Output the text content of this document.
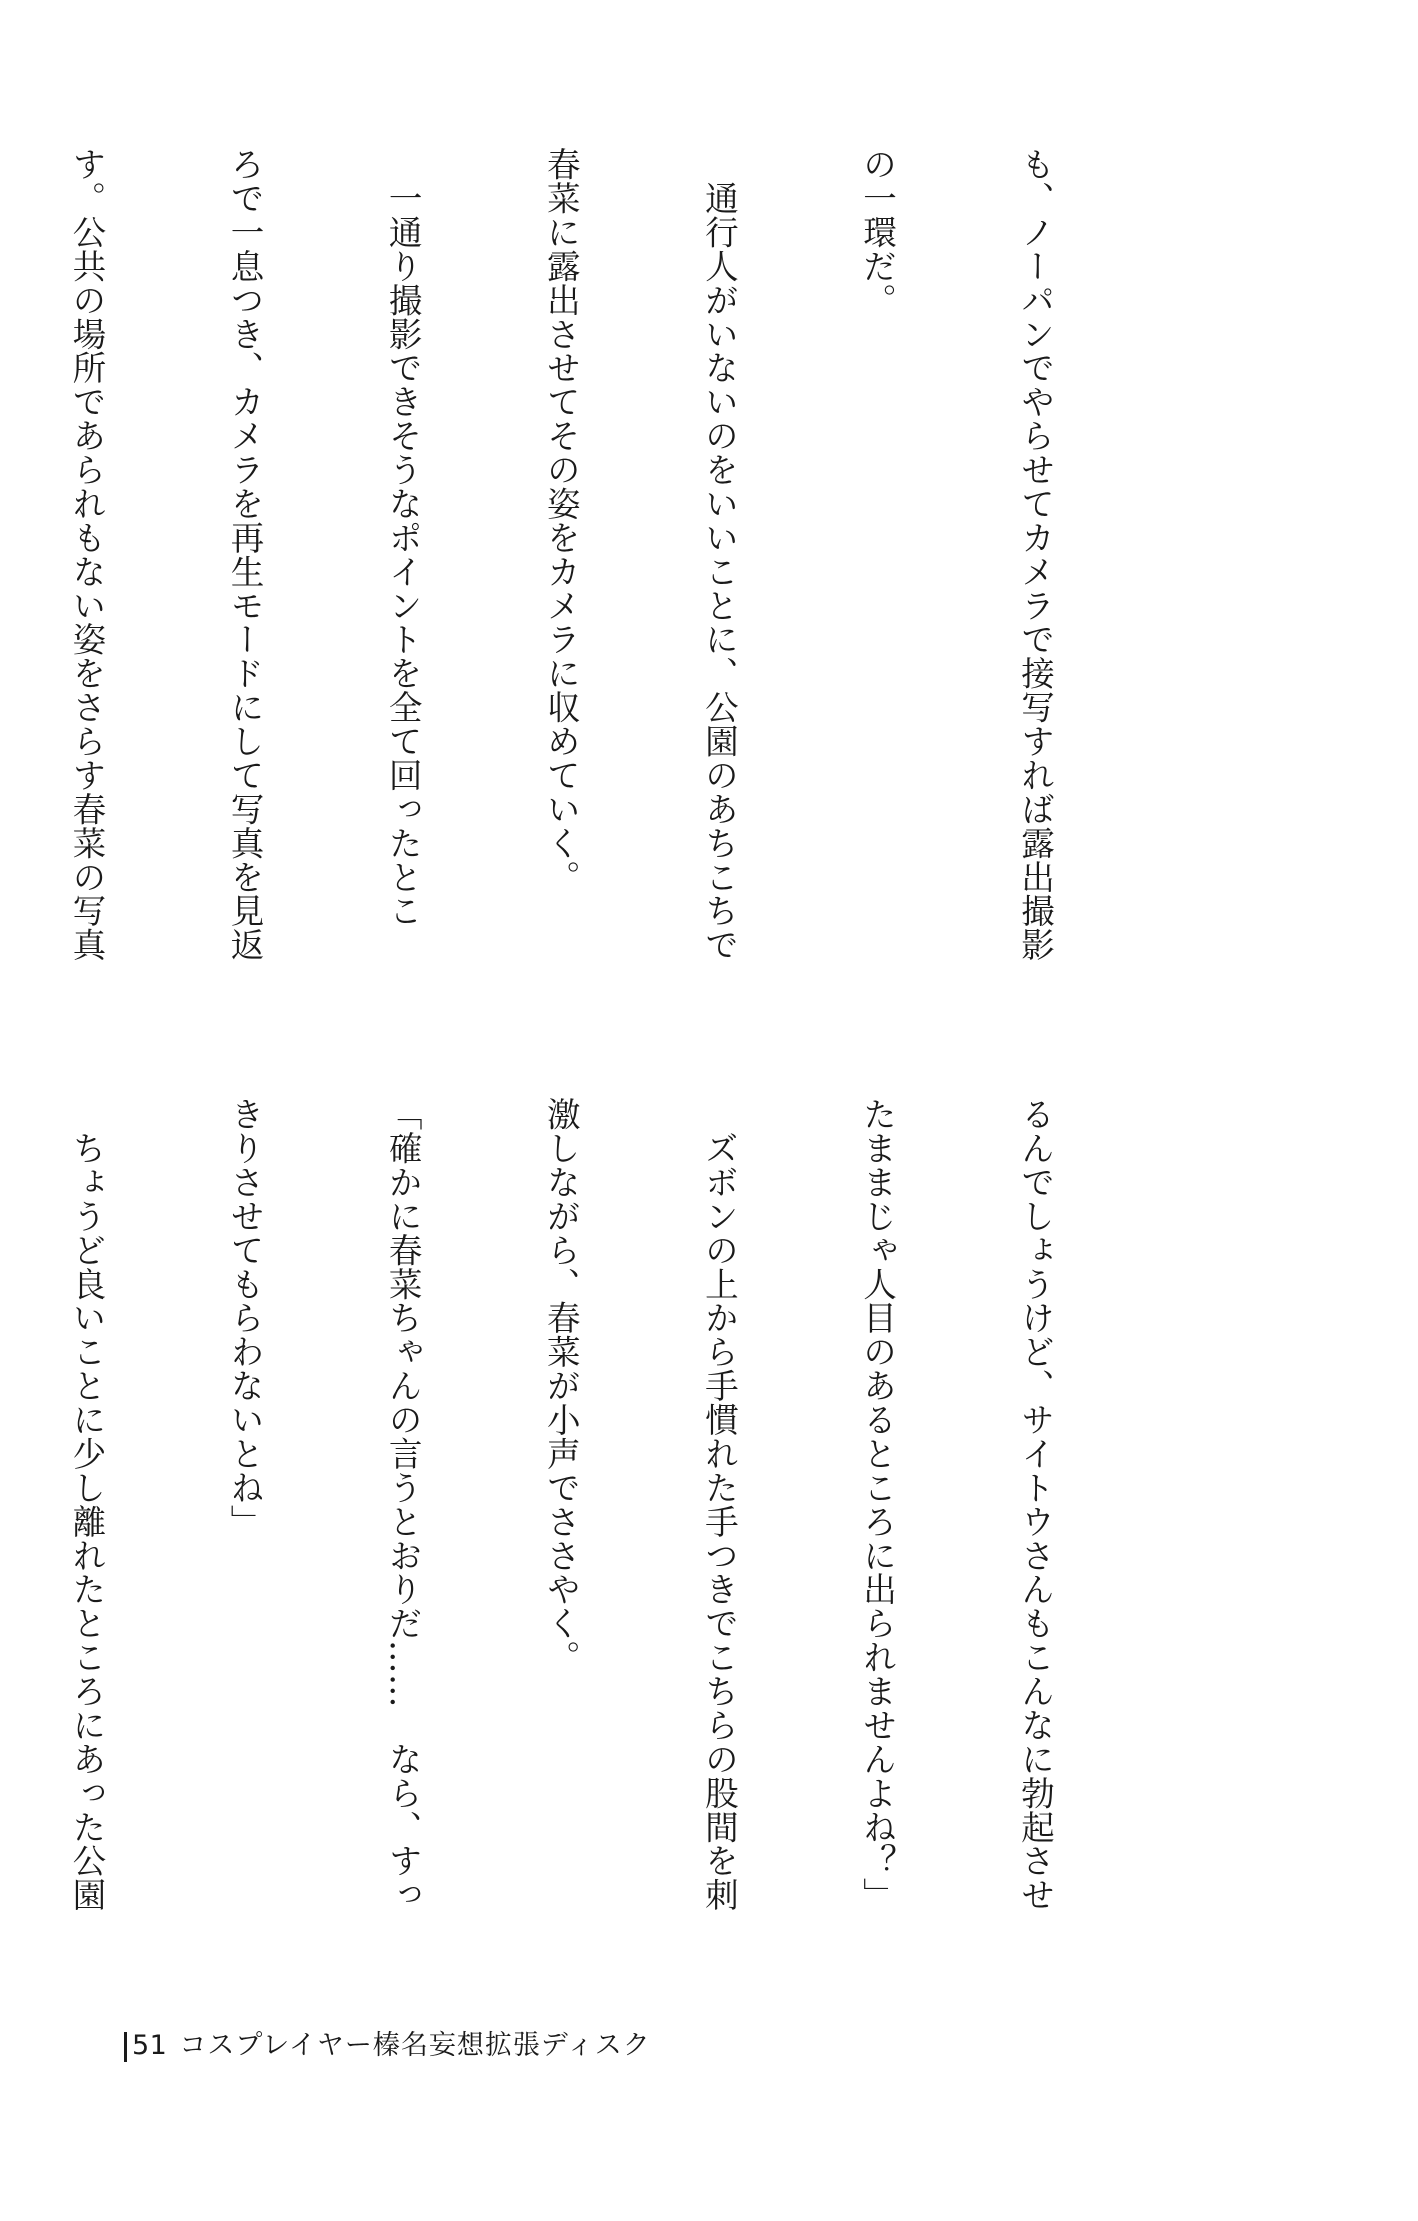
も、ノーパンでやらせてカメラで接写すれば露出撮影

の一環だ。

　通行人がいないのをいいことに、公園のあちこちで

春菜に露出させてその姿をカメラに収めていく。

　一通り撮影できそうなポイントを全て回ったとこ

ろで一息つき、カメラを再生モードにして写真を見返

す。公共の場所であられもない姿をさらす春菜の写真

るんでしょうけど、サイトウさんもこんなに勃起させ

たままじゃ人目のあるところに出られませんよね？」

　ズボンの上から手慣れた手つきでこちらの股間を刺

激しながら、春菜が小声でささやく。

「確かに春菜ちゃんの言うとおりだ……　なら、すっ

きりさせてもらわないとね」

　ちょうど良いことに少し離れたところにあった公園

51 コスプレイヤー榛名妄想拡張ディスク
